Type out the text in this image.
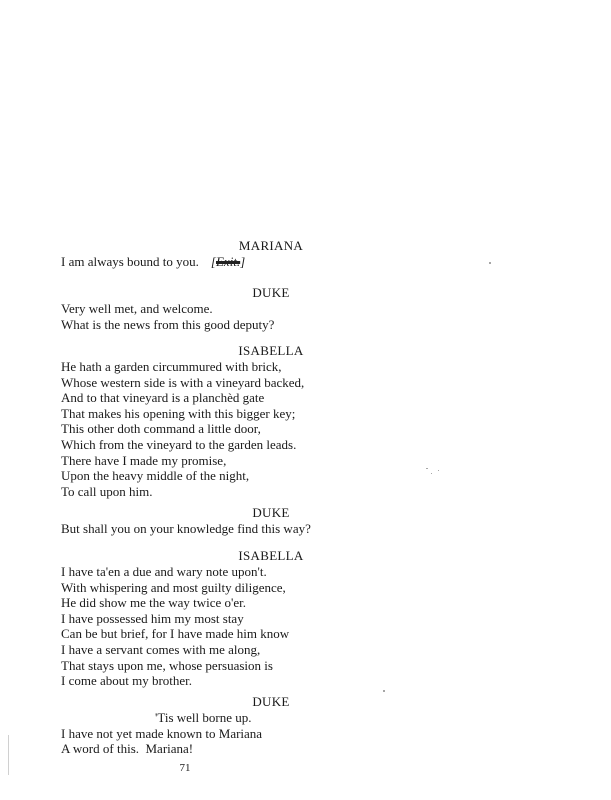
MARIANA
I am always bound to you. [Exit.]
DUKE
Very well met, and welcome.
What is the news from this good deputy?
ISABELLA
He hath a garden circummured with brick,
Whose western side is with a vineyard backed,
And to that vineyard is a planchèd gate
That makes his opening with this bigger key;
This other doth command a little door,
Which from the vineyard to the garden leads.
There have I made my promise,
Upon the heavy middle of the night,
To call upon him.
DUKE
But shall you on your knowledge find this way?
ISABELLA
I have ta'en a due and wary note upon't.
With whispering and most guilty diligence,
He did show me the way twice o'er.
I have possessed him my most stay
Can be but brief, for I have made him know
I have a servant comes with me along,
That stays upon me, whose persuasion is
I come about my brother.
DUKE
'Tis well borne up.
I have not yet made known to Mariana
A word of this.  Mariana!
71
